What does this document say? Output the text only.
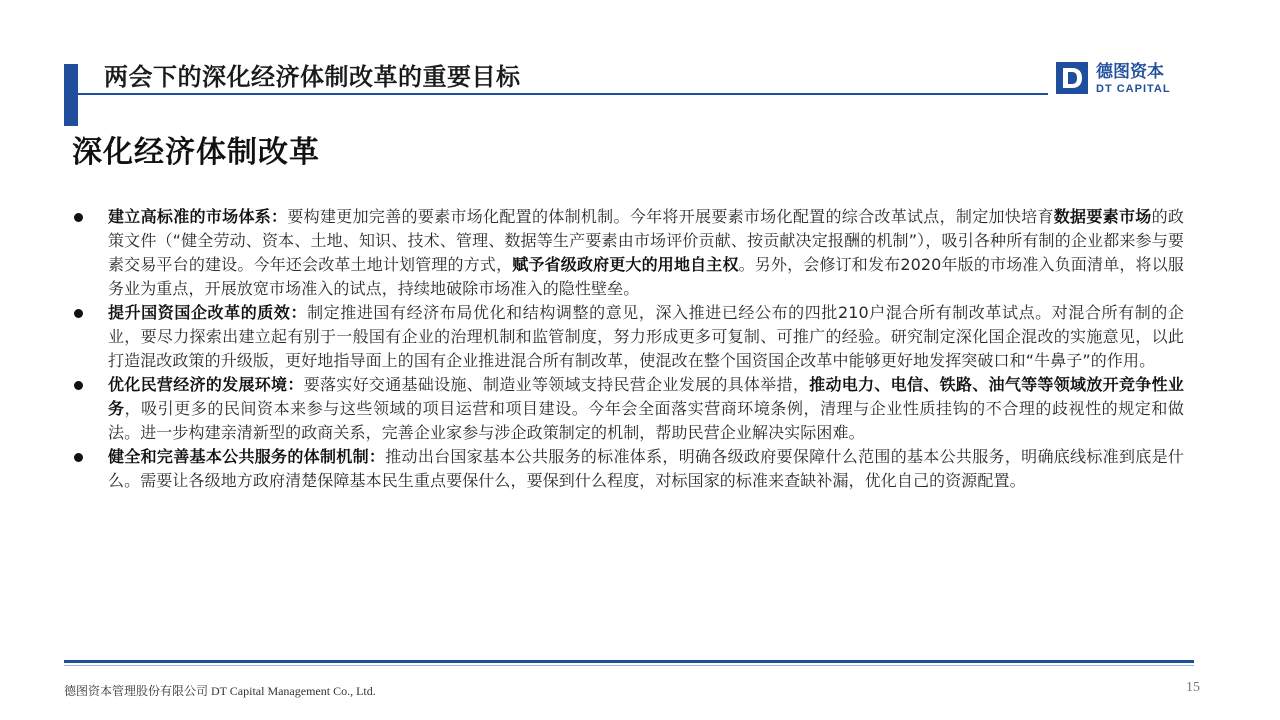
两会下的深化经济体制改革的重要目标	德图资本
DT CAPITAL
深化经济体制改革
建立高标准的市场体系：要构建更加完善的要素市场化配置的体制机制。今年将开展要素市场化配置的综合改革试点，制定加快培育数据要素市场的政策文件（“健全劳动、资本、土地、知识、技术、管理、数据等生产要素由市场评价贡献、按贡献决定报酬的机制”），吸引各种所有制的企业都来参与要素交易平台的建设。今年还会改革土地计划管理的方式，赋予省级政府更大的用地自主权。另外，会修订和发布2020年版的市场准入负面清单，将以服务业为重点，开展放宽市场准入的试点，持续地破除市场准入的隐性壁垒。
提升国资国企改革的质效：制定推进国有经济布局优化和结构调整的意见，深入推进已经公布的四批210户混合所有制改革试点。对混合所有制的企业，要尽力探索出建立起有别于一般国有企业的治理机制和监管制度，努力形成更多可复制、可推广的经验。研究制定深化国企混改的实施意见，以此打造混改政策的升级版，更好地指导面上的国有企业推进混合所有制改革，使混改在整个国资国企改革中能够更好地发挥突破口和“牛鼻子”的作用。
优化民营经济的发展环境：要落实好交通基础设施、制造业等领域支持民营企业发展的具体举措，推动电力、电信、铁路、油气等等领域放开竞争性业务，吸引更多的民间资本来参与这些领域的项目运营和项目建设。今年会全面落实营商环境条例，清理与企业性质挂钩的不合理的歧视性的规定和做法。进一步构建亲清新型的政商关系，完善企业家参与涉企政策制定的机制，帮助民营企业解决实际困难。
健全和完善基本公共服务的体制机制：推动出台国家基本公共服务的标准体系，明确各级政府要保障什么范围的基本公共服务，明确底线标准到底是什么。需要让各级地方政府清楚保障基本民生重点要保什么，要保到什么程度，对标国家的标准来查缺补漏，优化自己的资源配置。
德图资本管理股份有限公司 DT Capital Management Co., Ltd.	15
